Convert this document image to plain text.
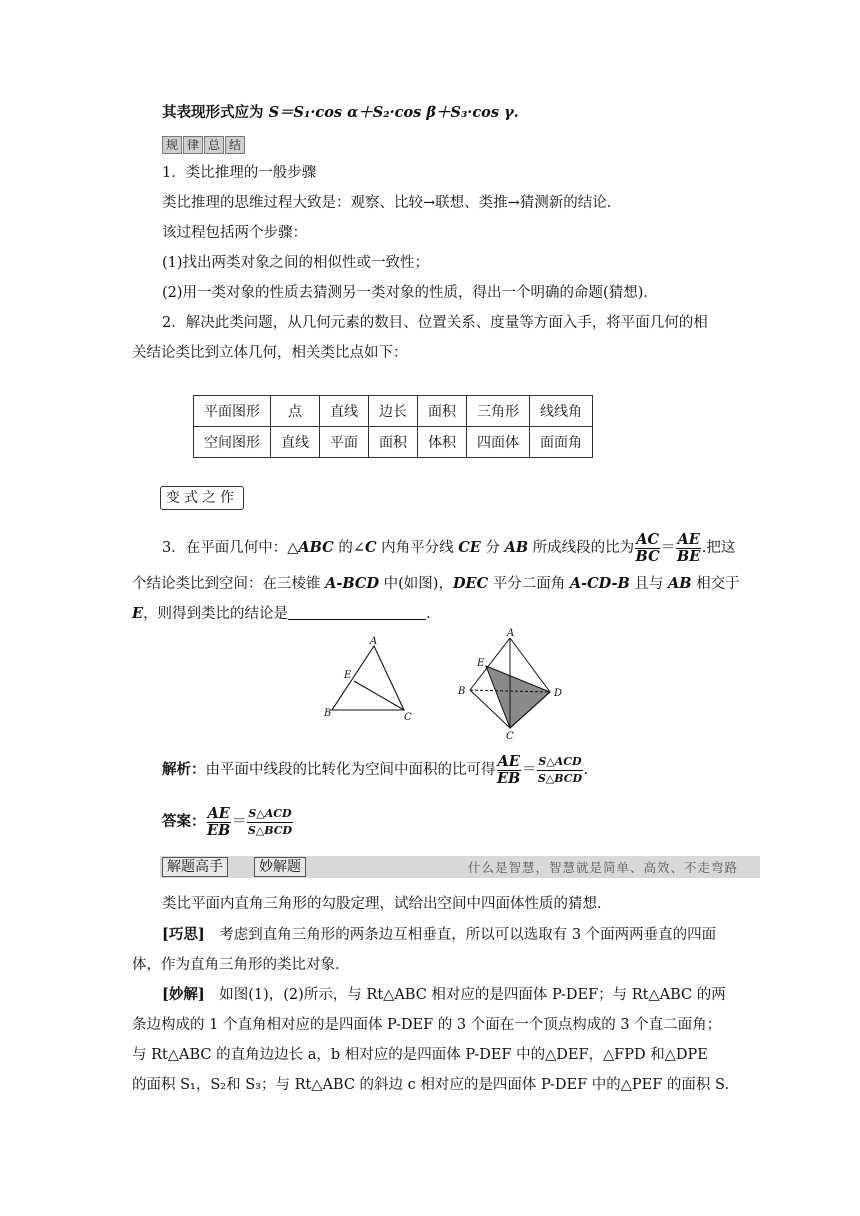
其表现形式应为 S＝S₁·cos α＋S₂·cos β＋S₃·cos γ.
规 律 总 结
1．类比推理的一般步骤
类比推理的思维过程大致是：观察、比较→联想、类推→猜测新的结论．
该过程包括两个步骤：
(1)找出两类对象之间的相似性或一致性；
(2)用一类对象的性质去猜测另一类对象的性质，得出一个明确的命题(猜想)．
2．解决此类问题，从几何元素的数目、位置关系、度量等方面入手，将平面几何的相
关结论类比到立体几何，相关类比点如下：
平面图形	点	直线	边长	面积	三角形	线线角
空间图形	直线	平面	面积	体积	四面体	面面角
变式之作
3．在平面几何中：△ABC 的∠C 内角平分线 CE 分 AB 所成线段的比为 $\frac{AC}{BC} = \frac{AE}{BE}$ .把这
个结论类比到空间：在三棱锥 A-BCD 中(如图)，DEC 平分二面角 A-CD-B 且与 AB 相交于
E，则得到类比的结论是	.
A
B	C
E
A
B
C
D
E
解析：由平面中线段的比转化为空间中面积的比可得 $\frac{AE}{EB} = \frac{\text{S△ACD}}{\text{S△BCD}}$ .
答案： $\frac{AE}{EB} = \frac{\text{S△ACD}}{\text{S△BCD}}$
解题高手	妙解题	什么是智慧，智慧就是简单、高效、不走弯路
类比平面内直角三角形的勾股定理，试给出空间中四面体性质的猜想．
[巧思]　考虑到直角三角形的两条边互相垂直，所以可以选取有 3 个面两两垂直的四面
体，作为直角三角形的类比对象．
[妙解]　如图(1)，(2)所示，与 Rt△ABC 相对应的是四面体 P-DEF；与 Rt△ABC 的两
条边构成的 1 个直角相对应的是四面体 P-DEF 的 3 个面在一个顶点构成的 3 个直二面角；
与 Rt△ABC 的直角边边长 a，b 相对应的是四面体 P-DEF 中的△DEF，△FPD 和△DPE
的面积 S₁，S₂和 S₃；与 Rt△ABC 的斜边 c 相对应的是四面体 P-DEF 中的△PEF 的面积 S.
